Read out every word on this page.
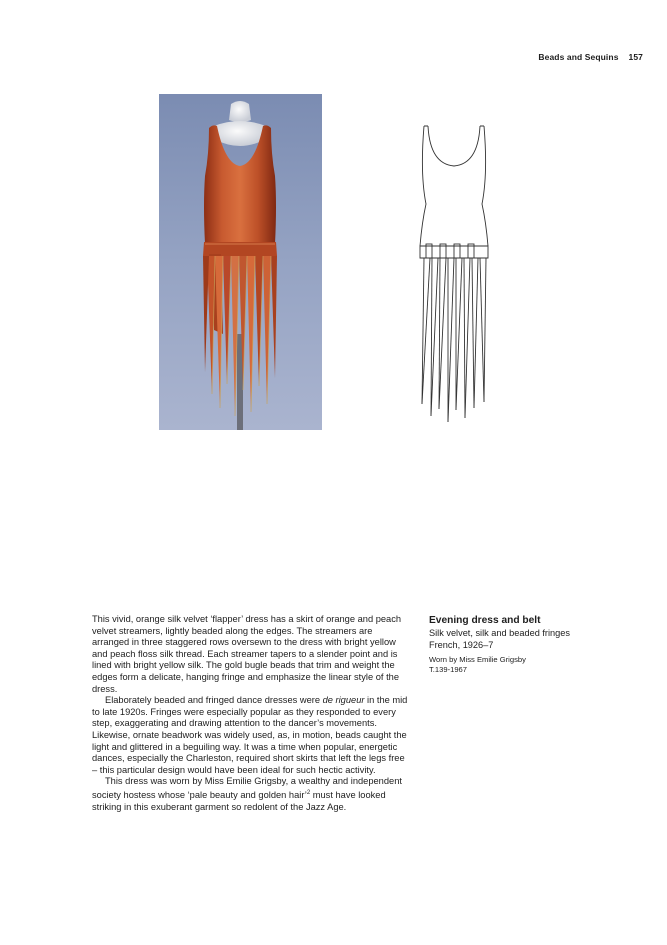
Beads and Sequins 157

This vivid, orange silk velvet ‘flapper’ dress has a skirt of orange and peach velvet streamers, lightly beaded along the edges. The streamers are arranged in three staggered rows oversewn to the dress with bright yellow and peach floss silk thread. Each streamer tapers to a slender point and is lined with bright yellow silk. The gold bugle beads that trim and weight the edges form a delicate, hanging fringe and emphasize the linear style of the dress.

Elaborately beaded and fringed dance dresses were de rigueur in the mid to late 1920s. Fringes were especially popular as they responded to every step, exaggerating and drawing attention to the dancer’s movements. Likewise, ornate beadwork was widely used, as, in motion, beads caught the light and glittered in a beguiling way. It was a time when popular, energetic dances, especially the Charleston, required short skirts that left the legs free – this particular design would have been ideal for such hectic activity.

This dress was worn by Miss Emilie Grigsby, a wealthy and independent society hostess whose ‘pale beauty and golden hair’$^2$ must have looked striking in this exuberant garment so redolent of the Jazz Age.

Evening dress and belt
Silk velvet, silk and beaded fringes
French, 1926–7
Worn by Miss Emilie Grigsby
T.139-1967
